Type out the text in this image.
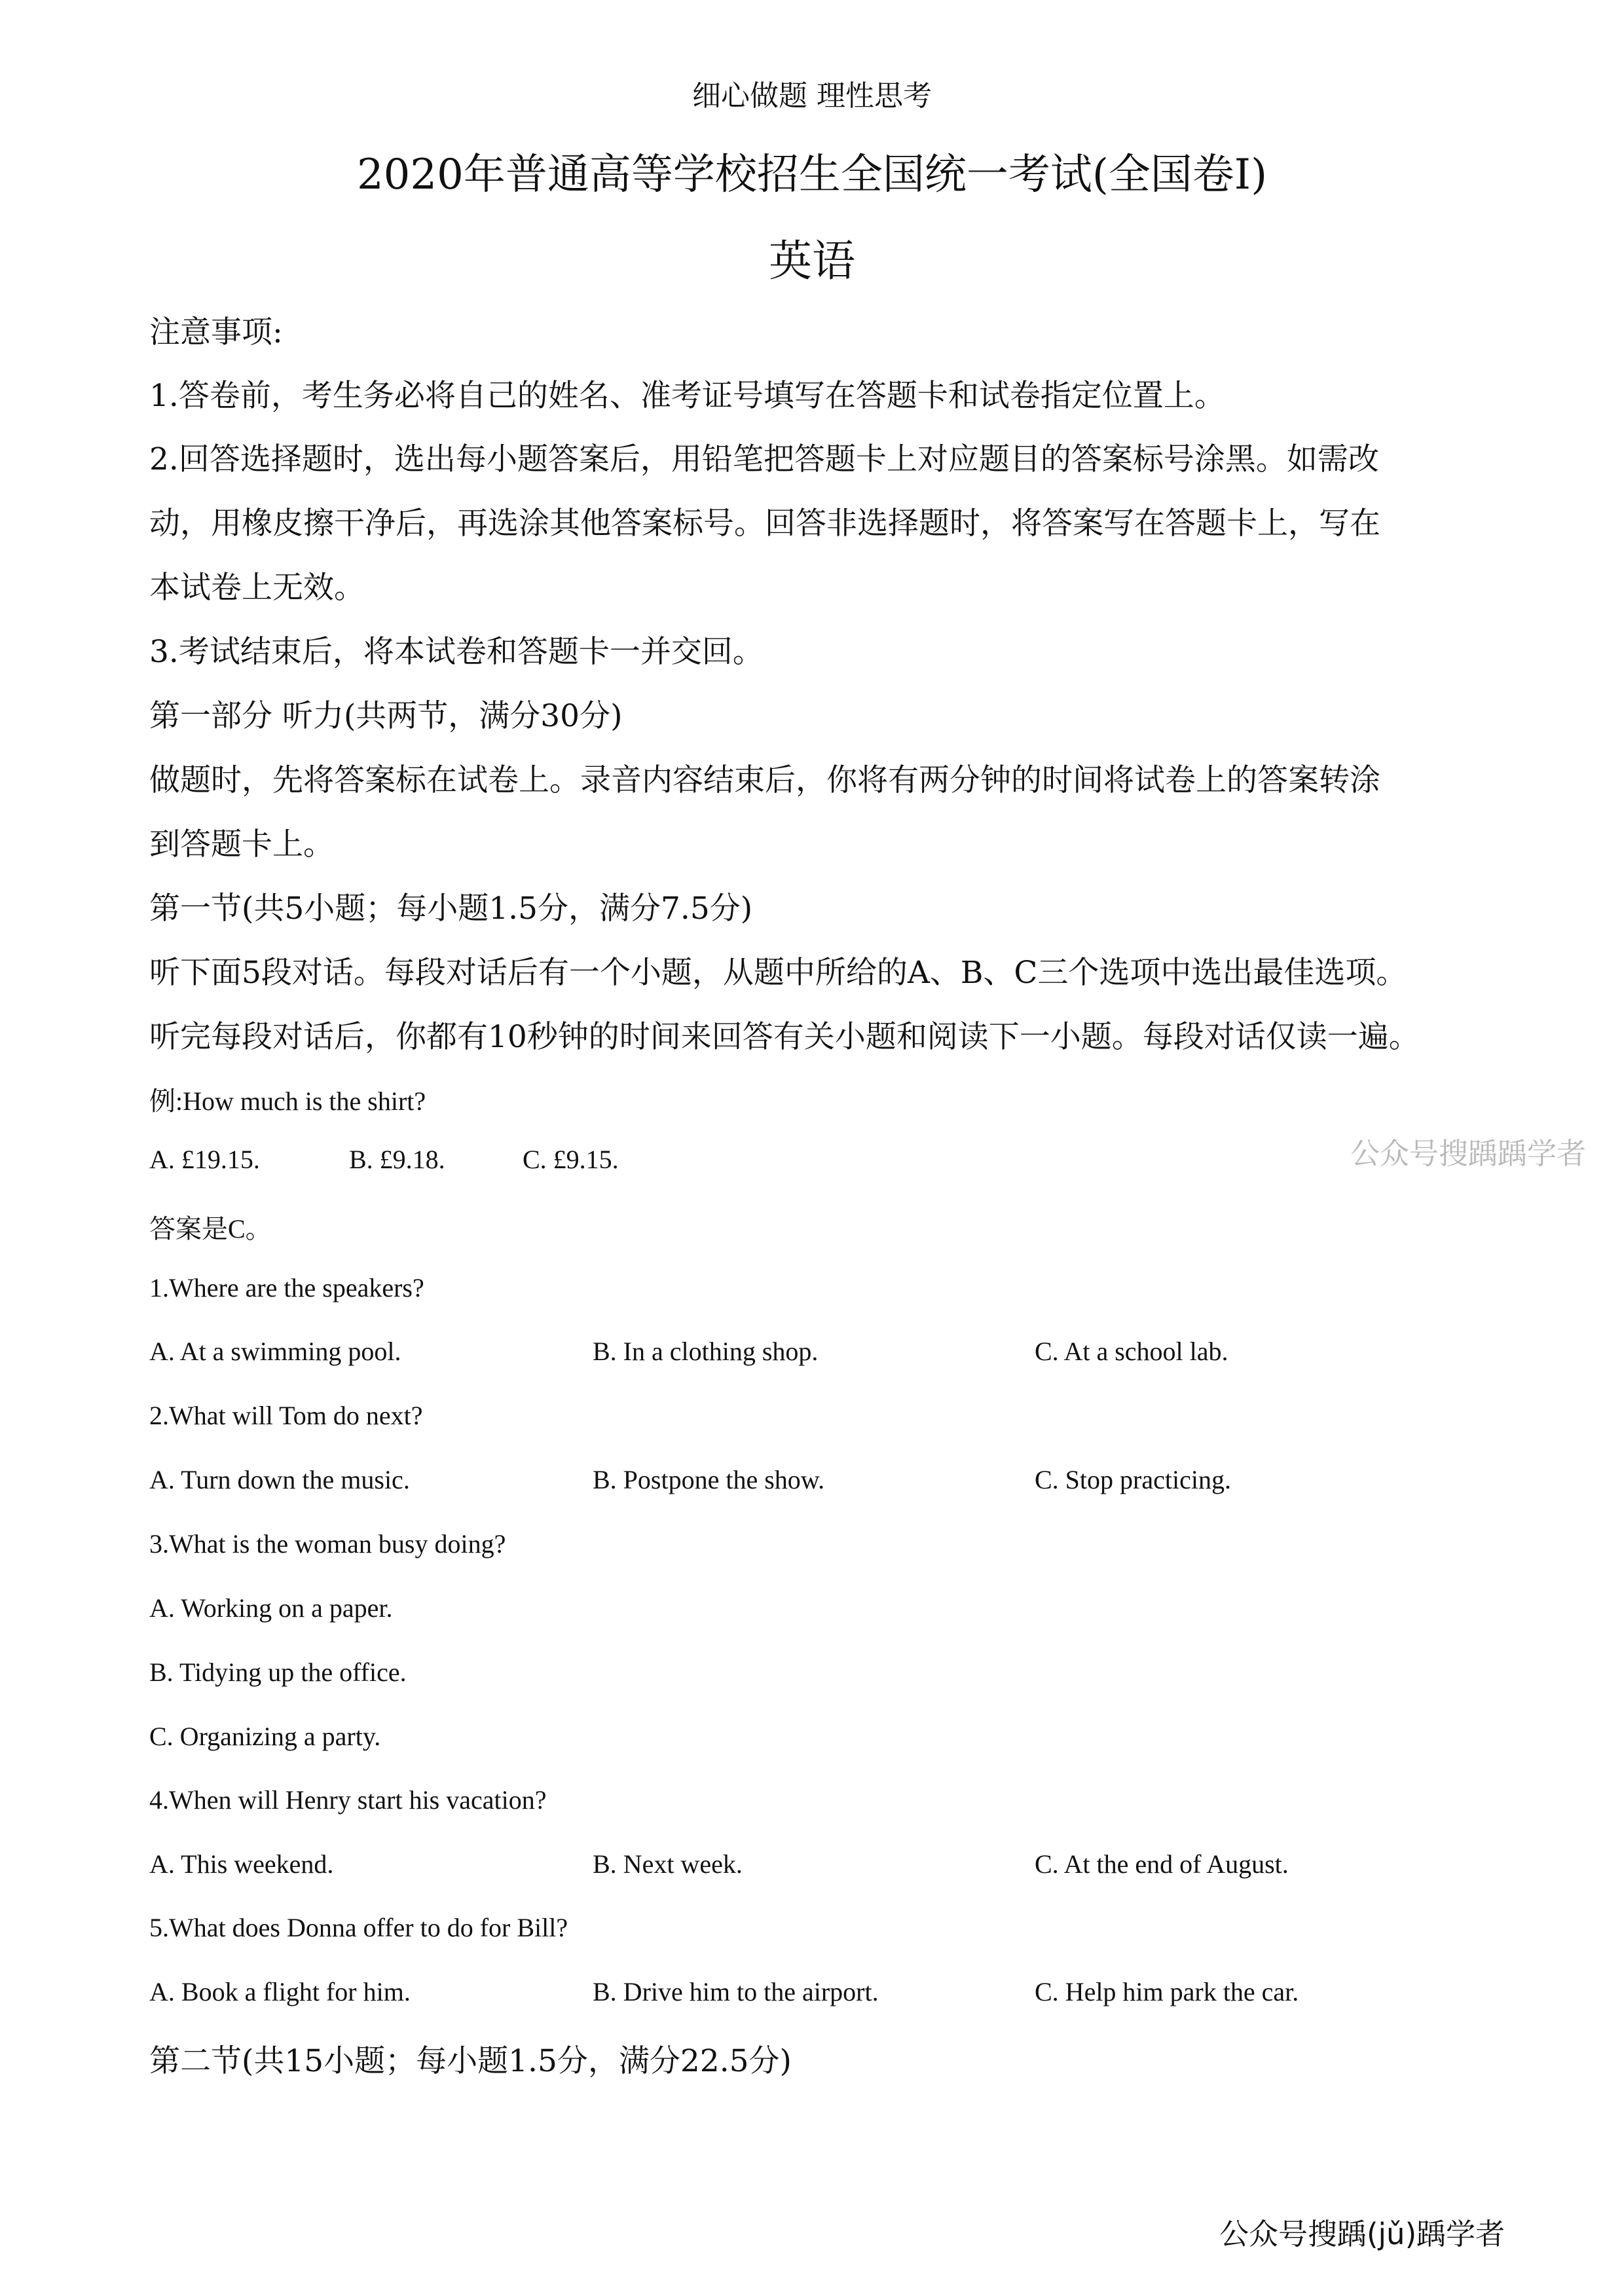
细心做题 理性思考
2020年普通高等学校招生全国统一考试(全国卷I)
英语
注意事项:
1.答卷前，考生务必将自己的姓名、准考证号填写在答题卡和试卷指定位置上。
2.回答选择题时，选出每小题答案后，用铅笔把答题卡上对应题目的答案标号涂黑。如需改
动，用橡皮擦干净后，再选涂其他答案标号。回答非选择题时，将答案写在答题卡上，写在
本试卷上无效。
3.考试结束后，将本试卷和答题卡一并交回。
第一部分 听力(共两节，满分30分)
做题时，先将答案标在试卷上。录音内容结束后，你将有两分钟的时间将试卷上的答案转涂
到答题卡上。
第一节(共5小题；每小题1.5分，满分7.5分)
听下面5段对话。每段对话后有一个小题，从题中所给的A、B、C三个选项中选出最佳选项。
听完每段对话后，你都有10秒钟的时间来回答有关小题和阅读下一小题。每段对话仅读一遍。
例:How much is the shirt?
A. £19.15.	B. £9.18.	C. £9.15.
答案是C。
1.Where are the speakers?
A. At a swimming pool.	B. In a clothing shop.	C. At a school lab.
2.What will Tom do next?
A. Turn down the music.	B. Postpone the show.	C. Stop practicing.
3.What is the woman busy doing?
A. Working on a paper.
B. Tidying up the office.
C. Organizing a party.
4.When will Henry start his vacation?
A. This weekend.	B. Next week.	C. At the end of August.
5.What does Donna offer to do for Bill?
A. Book a flight for him.	B. Drive him to the airport.	C. Help him park the car.
第二节(共15小题；每小题1.5分，满分22.5分)
公众号搜踽踽学者
公众号搜踽(jǔ)踽学者
